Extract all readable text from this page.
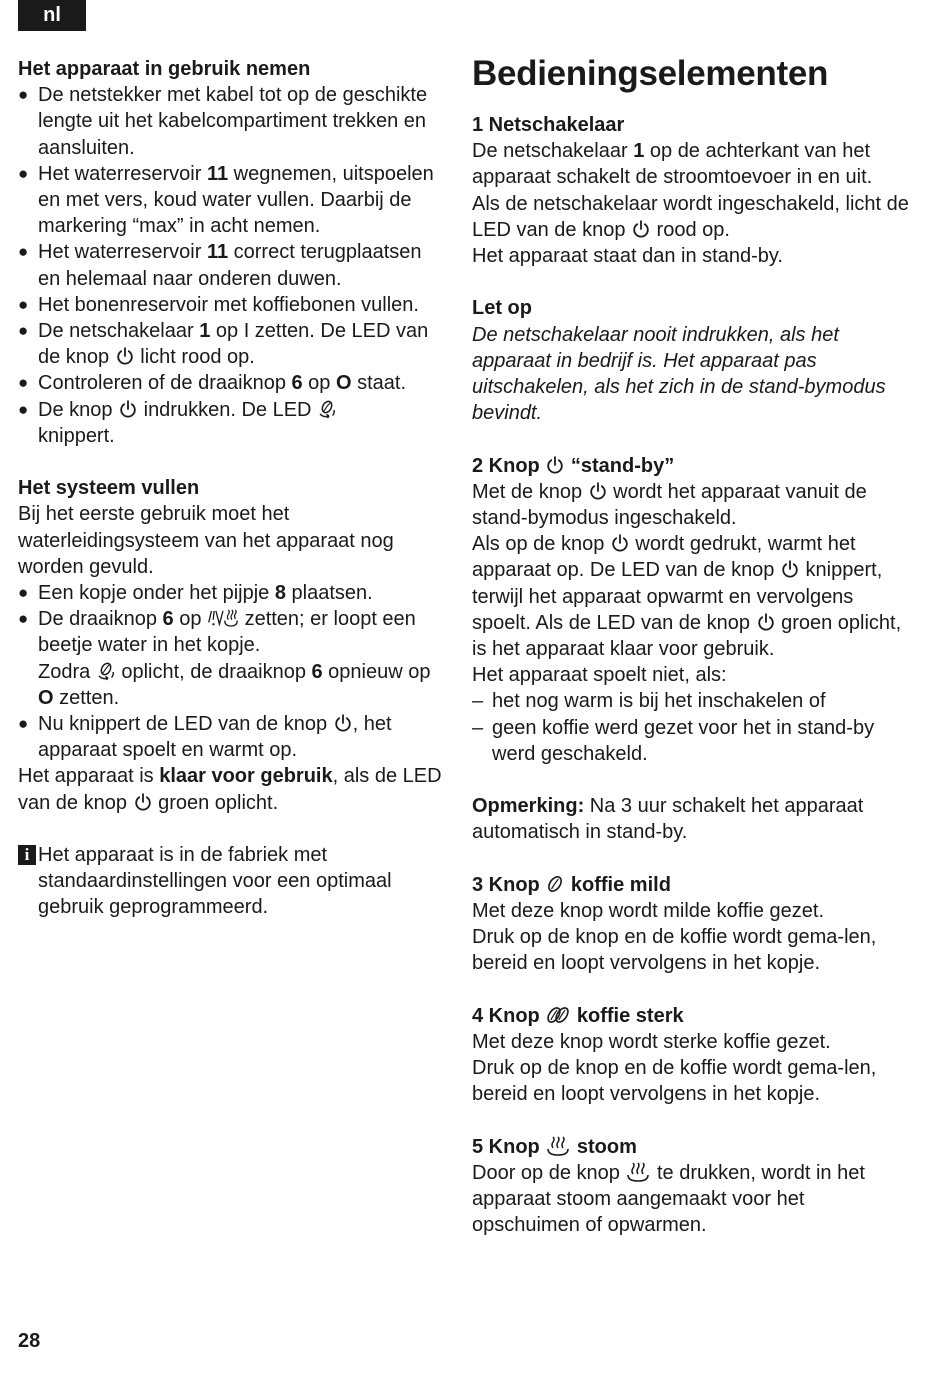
nl
Het apparaat in gebruik nemen
● De netstekker met kabel tot op de geschikte lengte uit het kabelcompartiment trekken en aansluiten.
● Het waterreservoir 11 wegnemen, uitspoelen en met vers, koud water vullen. Daarbij de markering “max” in acht nemen.
● Het waterreservoir 11 correct terugplaatsen en helemaal naar onderen duwen.
● Het bonenreservoir met koffiebonen vullen.
● De netschakelaar 1 op I zetten. De LED van de knop
licht rood op.
● Controleren of de draaiknop 6 op O staat.
● De knop
indrukken. De LED

knippert.
Het systeem vullen

Bij het eerste gebruik moet het waterleidingsysteem van het apparaat nog worden gevuld.

● Een kopje onder het pijpje 8 plaatsen.
● De draaiknop 6 op
zetten; er loopt een beetje water in het kopje.
Zodra
oplicht, de draaiknop 6 opnieuw op O zetten.
● Nu knippert de LED van de knop
, het apparaat spoelt en warmt op.

Het apparaat is klaar voor gebruik, als de LED van de knop
groen oplicht.

i Het apparaat is in de fabriek met standaardinstellingen voor een optimaal gebruik geprogrammeerd.

Bedieningselementen
1 Netschakelaar

De netschakelaar 1 op de achterkant van het apparaat schakelt de stroomtoevoer in en uit.

Als de netschakelaar wordt ingeschakeld, licht de LED van de knop
rood op.

Het apparaat staat dan in stand-by.

Let op

De netschakelaar nooit indrukken, als het apparaat in bedrijf is. Het apparaat pas uitschakelen, als het zich in de stand-bymodus bevindt.

2 Knop
“stand-by”

Met de knop
wordt het apparaat vanuit de stand-bymodus ingeschakeld.

Als op de knop
wordt gedrukt, warmt het apparaat op. De LED van de knop
knippert, terwijl het apparaat opwarmt en vervolgens spoelt. Als de LED van de knop
groen oplicht, is het apparaat klaar voor gebruik.

Het apparaat spoelt niet, als:

– het nog warm is bij het inschakelen of
– geen koffie werd gezet voor het in stand-by werd geschakeld.

Opmerking: Na 3 uur schakelt het apparaat automatisch in stand-by.

3 Knop
koffie mild

Met deze knop wordt milde koffie gezet.

Druk op de knop en de koffie wordt gema-len, bereid en loopt vervolgens in het kopje.

4 Knop
koffie sterk

Met deze knop wordt sterke koffie gezet.

Druk op de knop en de koffie wordt gema-len, bereid en loopt vervolgens in het kopje.

5 Knop
stoom

Door op de knop
te drukken, wordt in het apparaat stoom aangemaakt voor het opschuimen of opwarmen.

28
